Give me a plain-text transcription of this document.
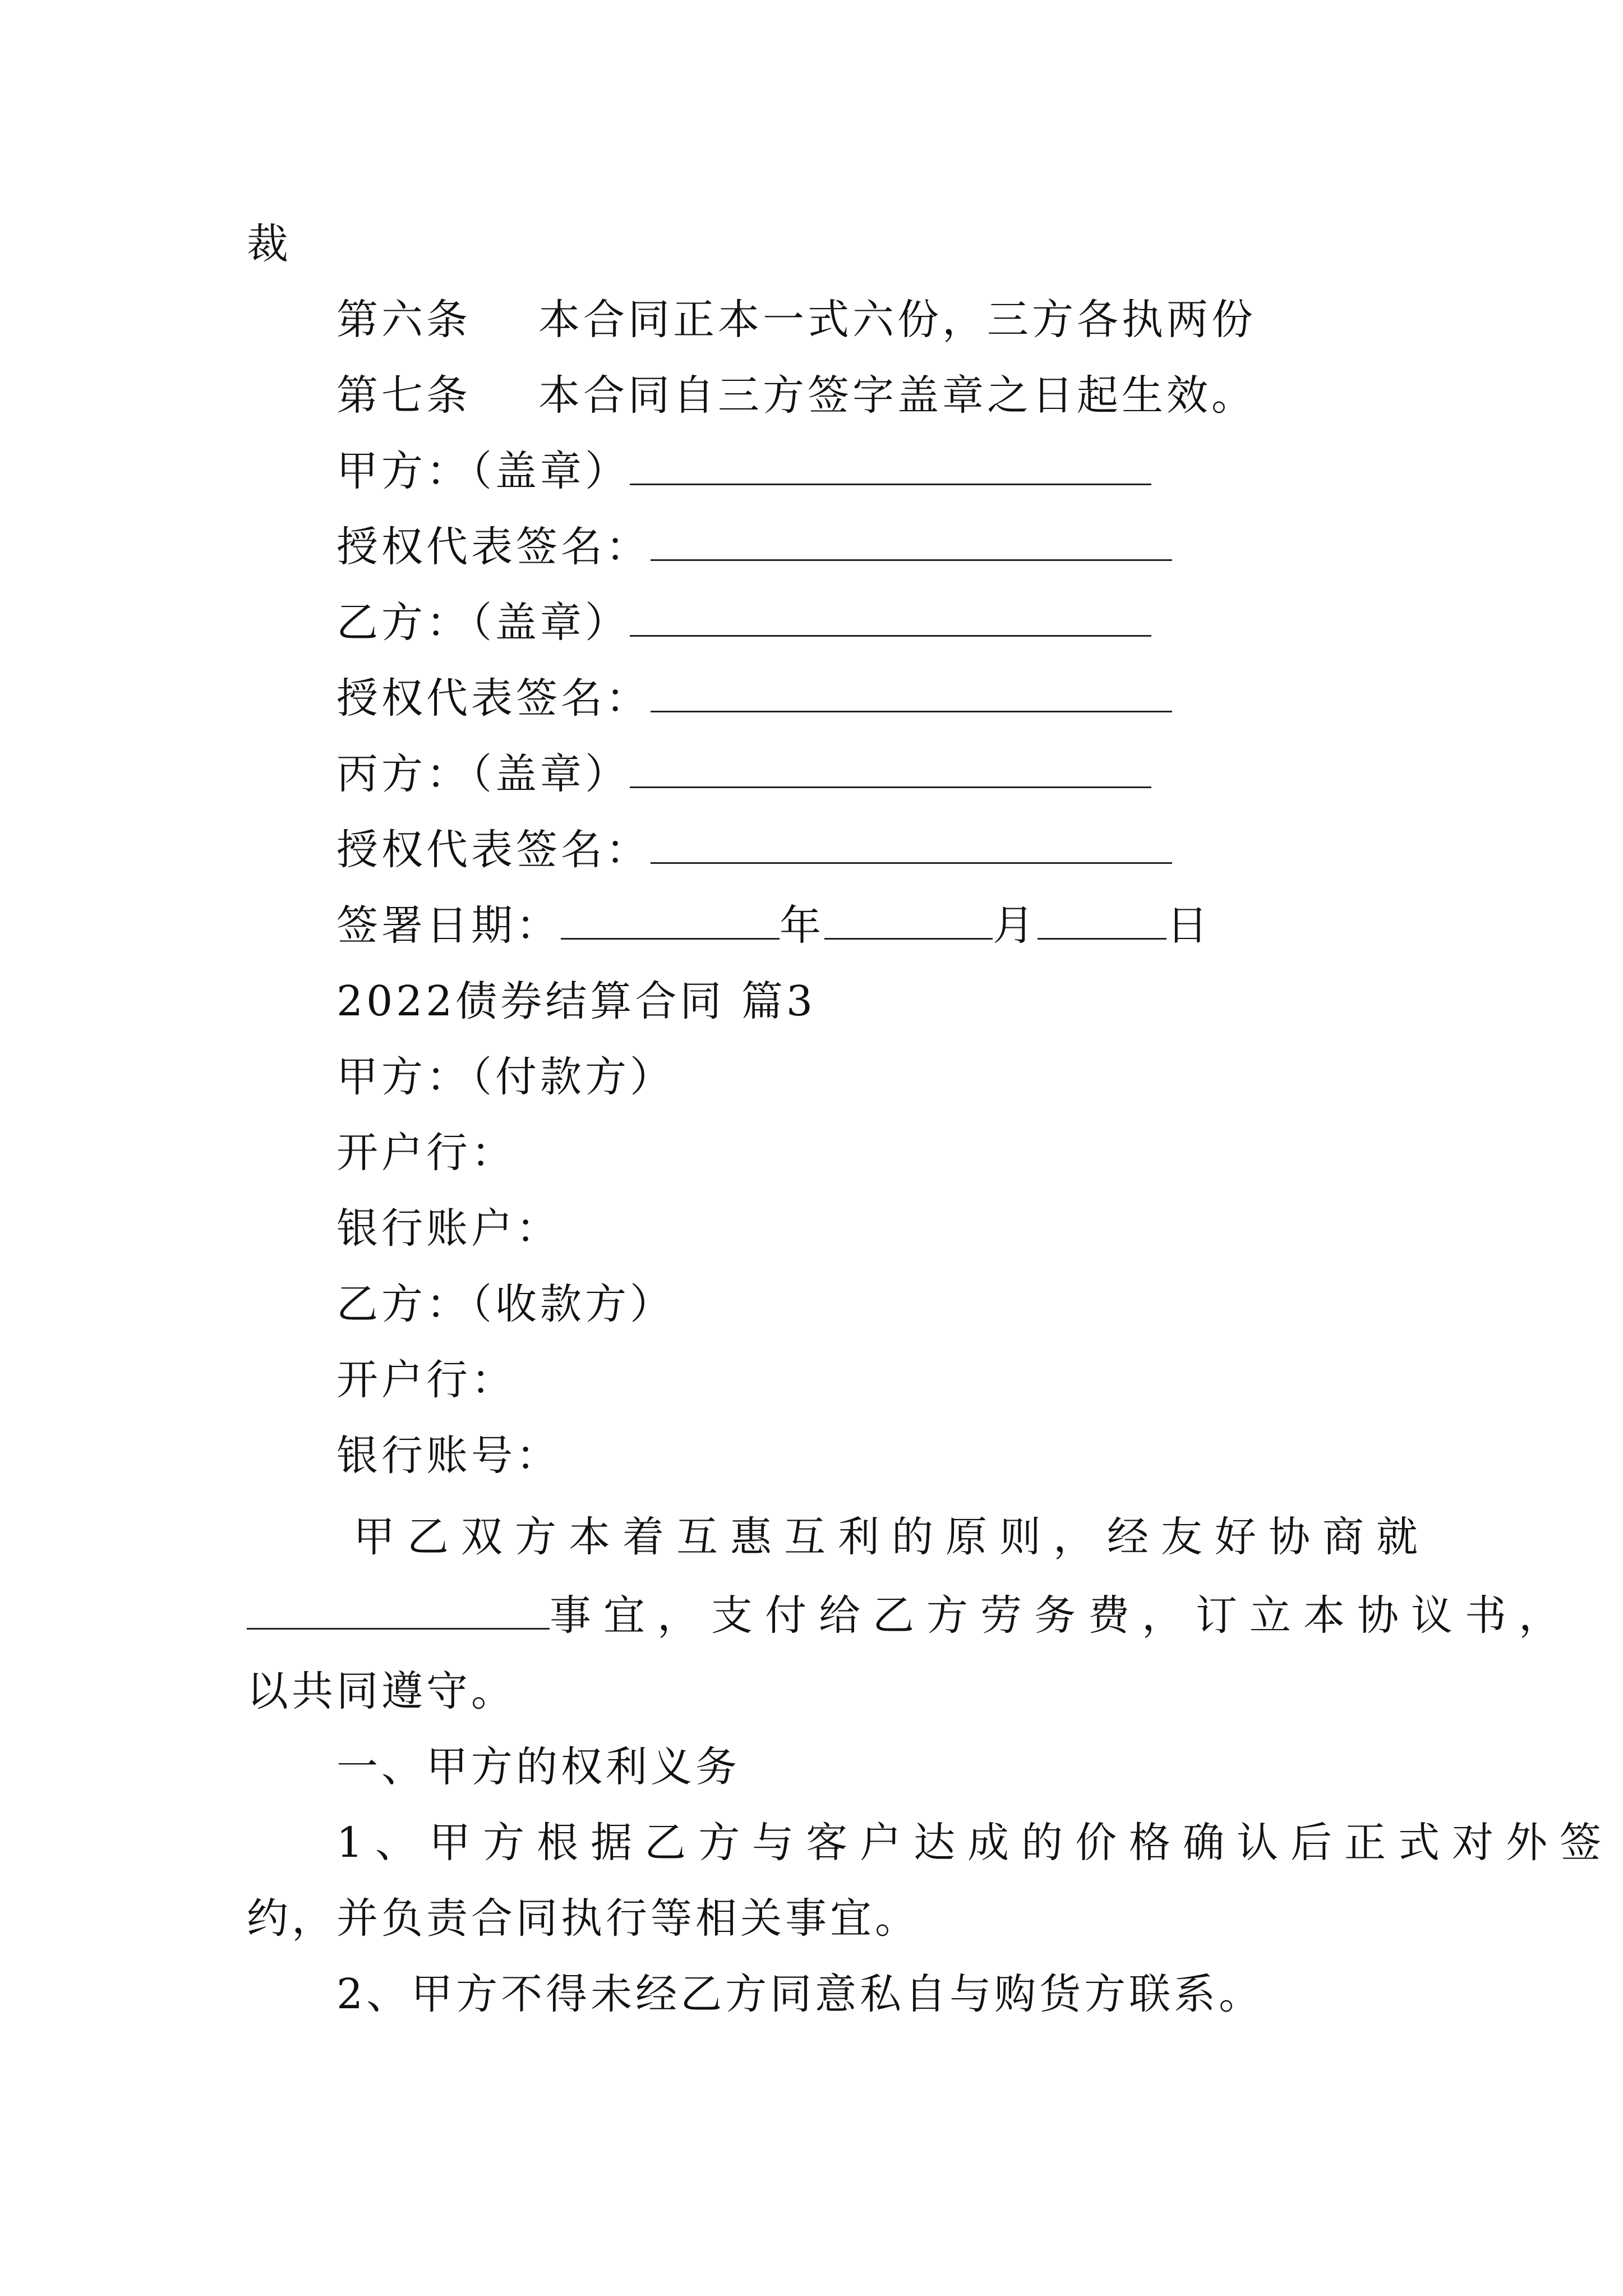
裁
第六条 本合同正本一式六份，三方各执两份
第七条 本合同自三方签字盖章之日起生效。
甲方：（盖章）
授权代表签名：
乙方：（盖章）
授权代表签名：
丙方：（盖章）
授权代表签名：
签署日期：	年	月	日
2022债券结算合同 篇3
甲方：（付款方）
开户行：
银行账户：
乙方：（收款方）
开户行：
银行账号：
甲乙双方本着互惠互利的原则，经友好协商就
事宜，支付给乙方劳务费，订立本协议书，
以共同遵守。
一、甲方的权利义务
1、甲方根据乙方与客户达成的价格确认后正式对外签
约，并负责合同执行等相关事宜。
2、甲方不得未经乙方同意私自与购货方联系。
